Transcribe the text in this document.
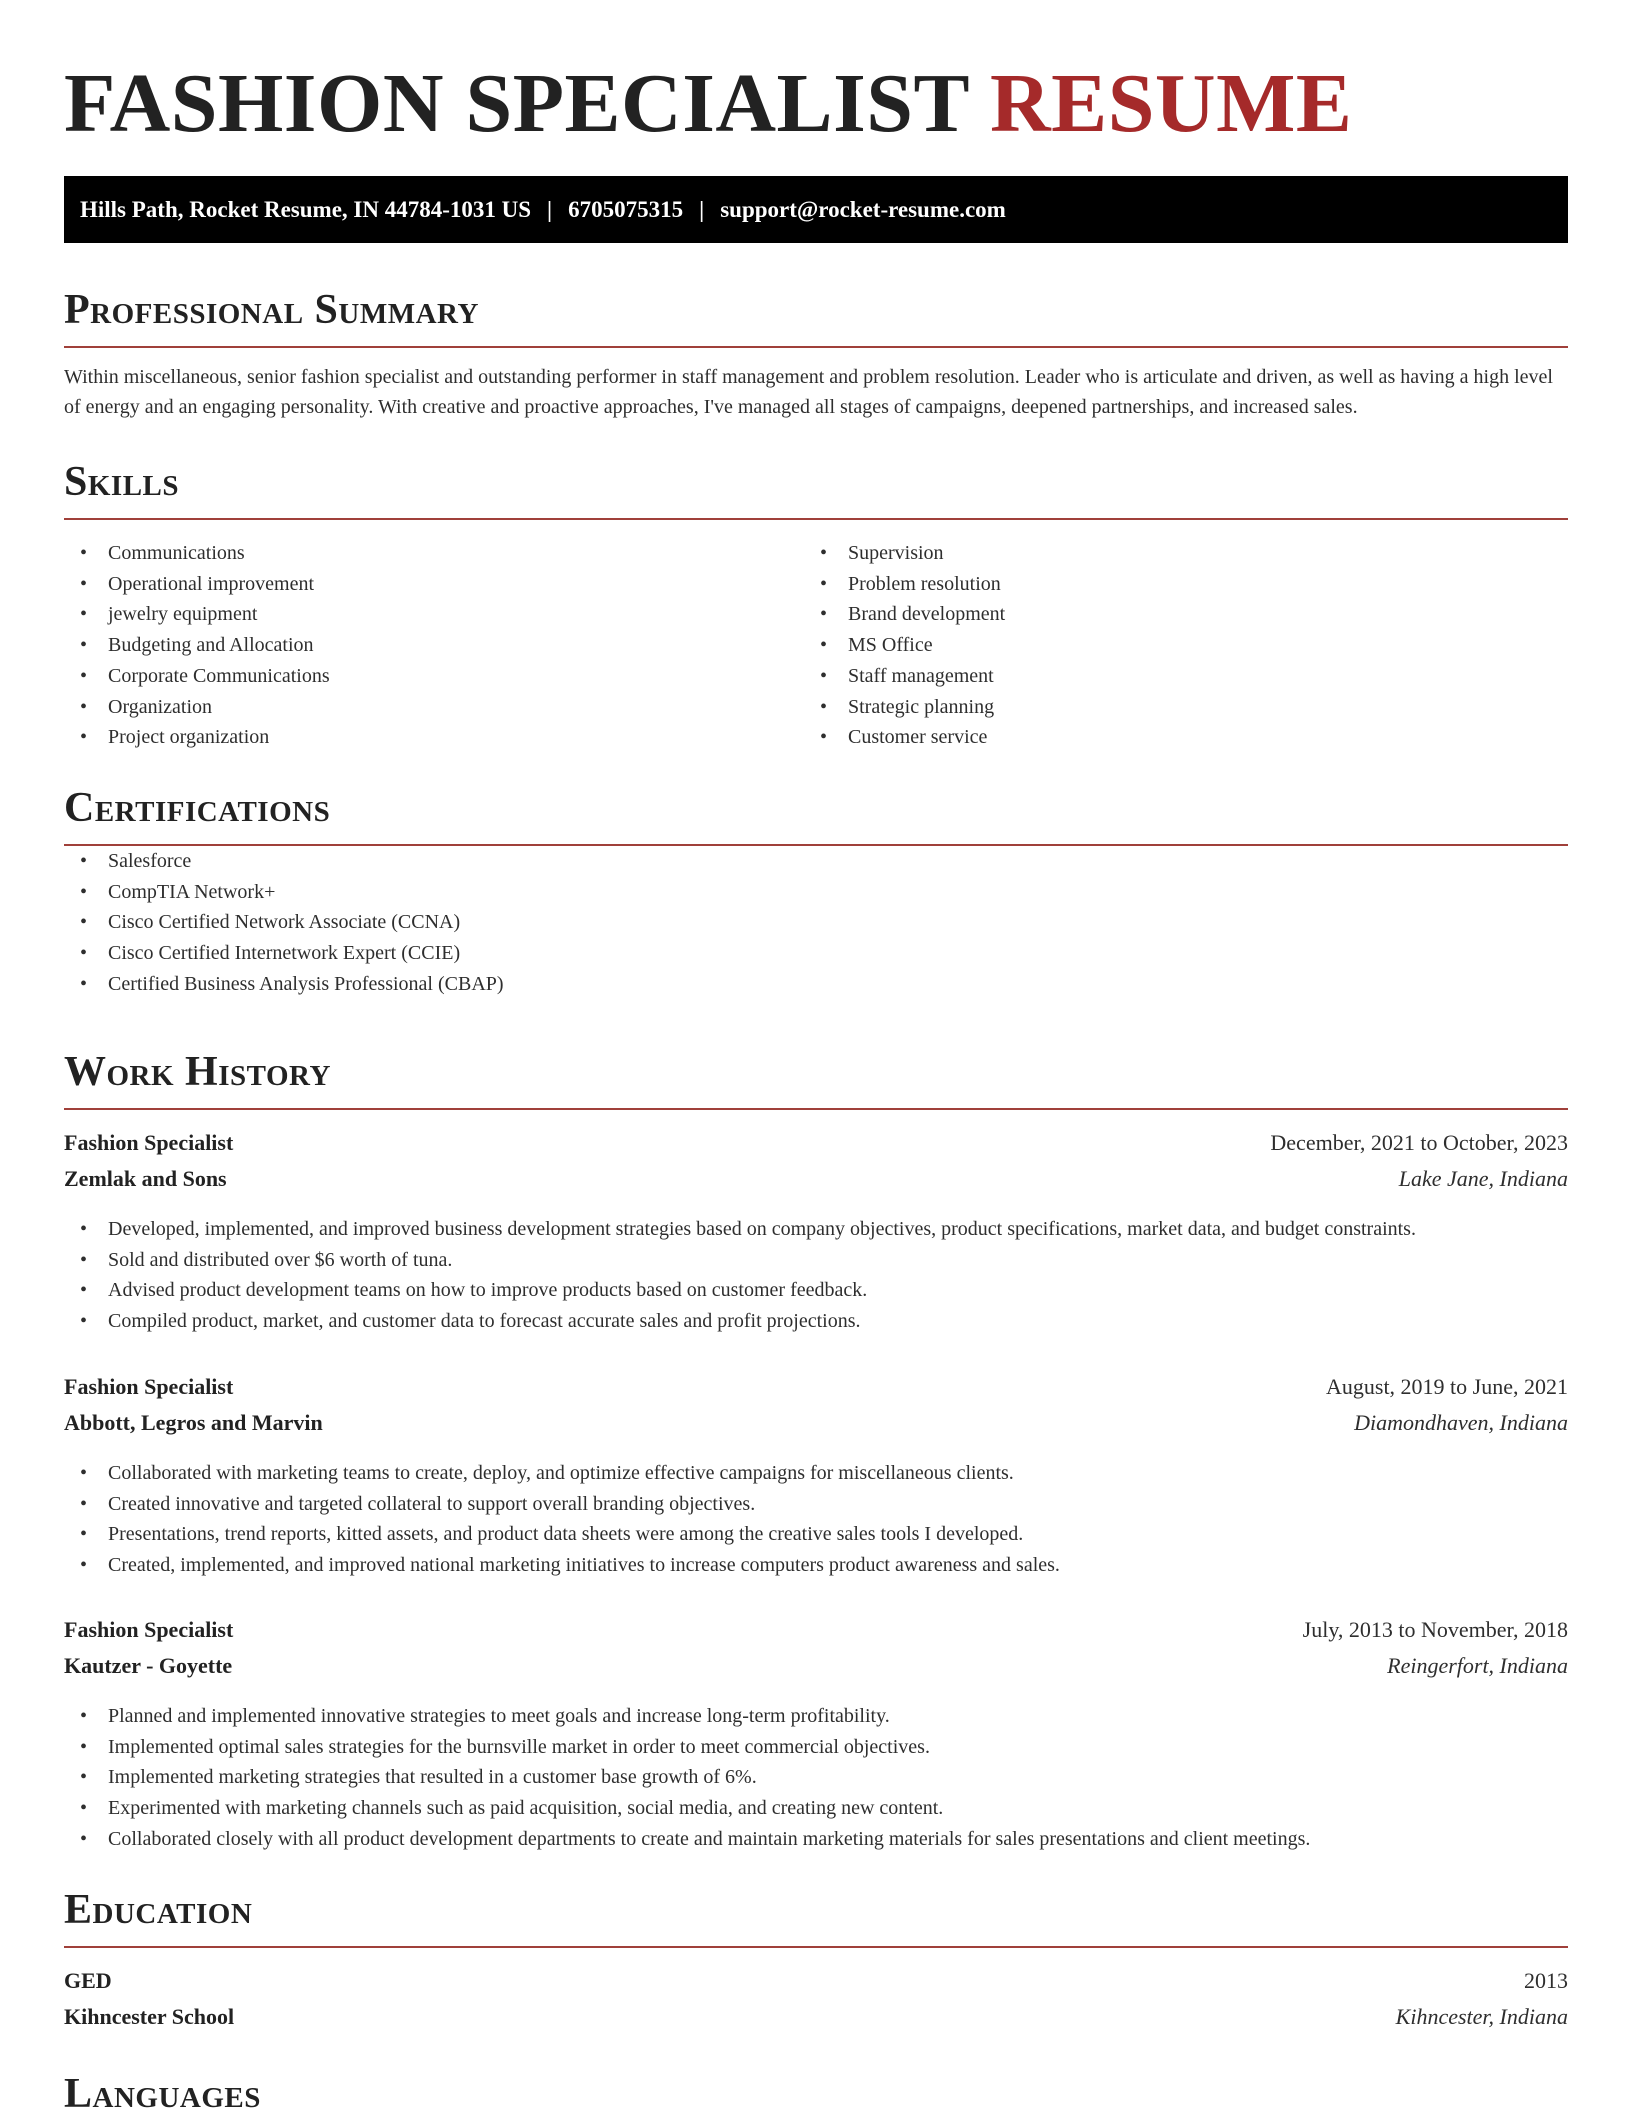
FASHION SPECIALIST RESUME
Hills Path, Rocket Resume, IN 44784-1031 US | 6705075315 | support@rocket-resume.com
Professional Summary

Within miscellaneous, senior fashion specialist and outstanding performer in staff management and problem resolution. Leader who is articulate and driven, as well as having a high level of energy and an engaging personality. With creative and proactive approaches, I've managed all stages of campaigns, deepened partnerships, and increased sales.

Skills
• Communications
• Operational improvement
• jewelry equipment
• Budgeting and Allocation
• Corporate Communications
• Organization
• Project organization
• Supervision
• Problem resolution
• Brand development
• MS Office
• Staff management
• Strategic planning
• Customer service
Certifications
• Salesforce
• CompTIA Network+
• Cisco Certified Network Associate (CCNA)
• Cisco Certified Internetwork Expert (CCIE)
• Certified Business Analysis Professional (CBAP)
Work History
Fashion Specialist	December, 2021 to October, 2023
Zemlak and Sons	Lake Jane, Indiana
• Developed, implemented, and improved business development strategies based on company objectives, product specifications, market data, and budget constraints.
• Sold and distributed over $6 worth of tuna.
• Advised product development teams on how to improve products based on customer feedback.
• Compiled product, market, and customer data to forecast accurate sales and profit projections.
Fashion Specialist	August, 2019 to June, 2021
Abbott, Legros and Marvin	Diamondhaven, Indiana
• Collaborated with marketing teams to create, deploy, and optimize effective campaigns for miscellaneous clients.
• Created innovative and targeted collateral to support overall branding objectives.
• Presentations, trend reports, kitted assets, and product data sheets were among the creative sales tools I developed.
• Created, implemented, and improved national marketing initiatives to increase computers product awareness and sales.
Fashion Specialist	July, 2013 to November, 2018
Kautzer - Goyette	Reingerfort, Indiana
• Planned and implemented innovative strategies to meet goals and increase long-term profitability.
• Implemented optimal sales strategies for the burnsville market in order to meet commercial objectives.
• Implemented marketing strategies that resulted in a customer base growth of 6%.
• Experimented with marketing channels such as paid acquisition, social media, and creating new content.
• Collaborated closely with all product development departments to create and maintain marketing materials for sales presentations and client meetings.
Education
GED	2013
Kihncester School	Kihncester, Indiana
Languages
